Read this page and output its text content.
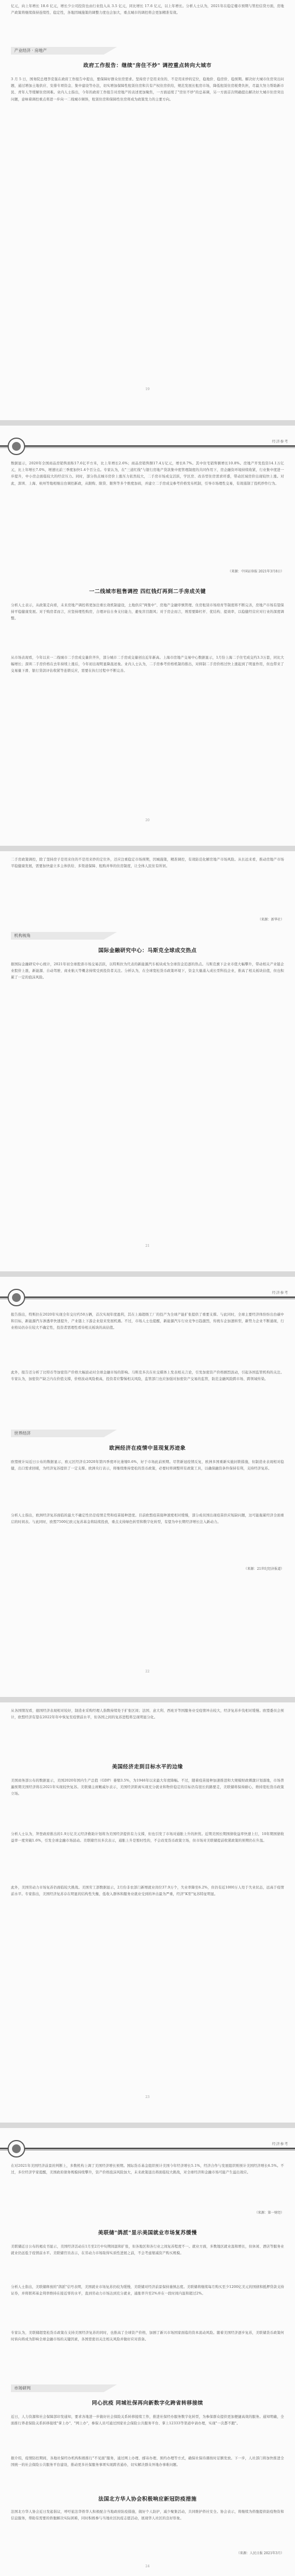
亿元，向上年增长 18.6 亿元，增长少公司投资也由行业投入从 3.5 亿元，同比增长 17.6 亿元，以上年增长。分析人士认为，2021年在稳定楼市预期与管控信贷方面，房地产政策将继续保持连续性、稳定性，各地因城施策的调整力度也会加大，重点城市的调控将会更加精准有效。
产业经济 · 房地产
政府工作报告：继续"房住不炒" 调控重点转向大城市
3 月 5 日，国务院总理李克强在政府工作报告中提出，要保障好群众住房需求。坚持房子是用来住的、不是用来炒的定位，稳地价、稳房价、稳预期。解决好大城市住房突出问题，通过增加土地供应、安排专项资金、集中建设等办法，切实增加保障性租赁住房和共有产权住房供给，规范发展长租房市场，降低租赁住房税费负担，尽最大努力帮助新市民、青年人等缓解住房困难。业内人士指出，今年的政府工作报告对房地产的表述更加聚焦，一方面延续了"房住不炒"的总基调，另一方面首次明确提出解决好大城市住房突出问题，意味着调控重点将进一步向一二线城市倾斜，租赁住房和保障性住房将成为政策发力的主要方向。
19
经济参考
数据显示，2020年全国商品房销售面积17.6亿平方米，比上年增长2.6%；商品房销售额17.4万亿元，增长8.7%。其中住宅销售额增长10.8%。房地产开发投资14.1万亿元，比上年增长7.0%，增速比前三季度加快1.4个百分点。专家认为，在"三道红线"与银行房地产贷款集中度管理制度的共同作用下，房企融资环境持续收紧，行业集中度进一步提升，中小房企面临较大的经营压力。同时，部分热点城市房价上涨压力依然较大，二手房市场成交活跃，学区房、改善型住房需求旺盛，带动区域房价出现较快上涨。对此，深圳、上海、杭州等地相继出台调控新政，从限购、限贷、限售等多个维度加码，并建立二手房成交参考价格发布机制，引导市场理性交易，有效遏制了投机炒作行为。
（来源：中国证券报 2021年3月8日）
一二线城市租售调控 四红钱灯再到二手房成关键
分析人士表示，从政策走向看，未来房地产调控将更加注重长效机制建设，土地供应"两集中"、房地产金融审慎管理、住房租赁市场培育等制度将不断完善，房地产市场有望保持平稳健康发展。对于购房者而言，应坚持理性购房，合理评估自身支付能力，避免盲目跟风；对于房企而言，则需要降杠杆、优结构、提效率，以稳健经营应对行业的深度调整。
从市场表现看，今年以来一二线城市二手房成交量价齐升，部分城市二手房成交量创出近年新高。上海市房地产交易中心数据显示，1月份上海二手住宅成交约3.3万套，同比大幅增长；深圳二手房价格在去年持续上涨后，今年初出现明显降温迹象。业内人士认为，二手房参考价格机制的推出，对抑制二手房价格过快上涨起到了明显作用，但也带来了交易量下滑、银行贷款评估收紧等连锁反应，需要在执行过程中不断完善。
20
二手房政策调控，除了坚持房子是用来住的不是用来炒的定位外，还应注重稳定市场预期，因城施策，精准调控，有效防范化解房地产市场风险。从长远来看，推动房地产市场平稳健康发展，需要加快建立多主体供给、多渠道保障、租购并举的住房制度，让全体人民住有所居。
（来源：新华社）
机构视角
国际金融研究中心：马斯克全球成交热点
据国际金融研究中心统计，2021年初全球股票市场交易活跃，以特斯拉为代表的新能源汽车板块成为全球资金追逐的热点。马斯克旗下企业市值大幅攀升，带动相关产业链企业股价上涨，新能源、自动驾驶、商业航天等概念持续受到投资者关注。分析认为，在全球宽松货币政策环境下，资金大量涌入成长型科技企业，推高了相关板块估值，但也积累了一定的泡沫风险。
21
经济参考
报告指出，特斯拉在2020年实现全年交付约50万辆，首次实现年度盈利，其在上海超级工厂的投产为全球产能扩张提供了重要支撑。与此同时，全球主要经济体纷纷出台碳中和目标，新能源汽车渗透率快速提升，产业链上下游企业迎来发展机遇。不过，市场人士也提醒，新能源汽车行业竞争日趋激烈，传统车企加速转型，新势力企业不断涌现，行业格局仍存在较大不确定性，投资者需理性看待相关板块的高估值。
此外，报告还分析了比特币等加密资产价格大幅波动对全球金融市场的影响。马斯克多次在社交媒体上发表相关言论，引发加密资产价格剧烈波动，引起各国监管机构的关注。专家认为，加密资产缺乏内在价值支撑，价格波动风险极高，投资者应警惕相关风险，监管部门也应加强对加密资产交易的监管，防范金融风险跨市场、跨领域传染。
世界经济
欧洲经济在疫情中显现复苏迹象
欧盟统计局近日公布的数据显示，欧元区经济在2020年第四季度环比萎缩0.6%，好于市场此前预期。尽管新冠疫情反复，欧洲多国重新实施封锁措施，但制造业表现相对稳健，出口需求回暖，为经济复苏提供了一定支撑。欧洲央行表示，将继续维持宽松的货币政策，必要时将调整所有政策工具，以确保融资条件保持有利，支持经济复苏。
分析人士指出，欧洲经济复苏面临的最大不确定性仍是疫情走势和疫苗接种进度。目前欧盟疫苗接种速度相对缓慢，部分成员国出现疫苗供应短缺问题，这可能拖累经济全面重启的时间表。与此同时，欧盟7500亿欧元复苏基金将陆续投放，重点支持绿色转型和数字化转型，有望为中长期经济增长注入新动力。
（来源：21世纪经济报道）
22
从各国情况看，德国经济表现相对较好，制造业采购经理人指数持续处于扩张区间；法国、意大利、西班牙等国服务业受疫情冲击较大，经济复苏步伐相对缓慢。欧盟委员会预计，欧盟经济有望在2022年年中恢复至疫情前水平，但各国之间的复苏进程将呈现明显分化。
美国经济走到目标水平的边缘
美国商务部公布的数据显示，美国2020年国内生产总值（GDP）萎缩3.5%，为1946年以来最大年度降幅。不过，随着疫苗接种加速推进和大规模财政刺激计划落地，市场普遍预期美国经济将在2021年实现较快复苏。美联储主席鲍威尔表示，美国经济距离实现充分就业和物价稳定的目标仍有很长的路要走，美联储将保持耐心，维持宽松货币政策立场。
分析人士认为，拜登政府推出的1.9万亿美元经济救助计划将为美国经济提供有力支撑，但也引发了市场对通胀上升的担忧。近期美国长期国债收益率快速上行，10年期国债收益率一度突破1.6%，引发全球金融市场波动。美联储官员多次表示，通胀上升是暂时性的，不会改变货币政策立场，但市场对美联储提前收紧政策的预期仍在升温。
此外，美国劳动力市场复苏仍面临较大挑战。美国劳工部数据显示，2月份非农部门新增就业岗位37.9万个，失业率降至6.2%，但仍有近1000万人处于失业状态，远高于疫情前水平。专家指出，美国经济复苏存在明显的结构性失衡，低收入群体和服务业就业受到的冲击最为严重，经济"K型"复苏特征明显。
23
经济参考
在对2021年美国经济前景的判断上，多数机构上调了美国经济增长预期。国际货币基金组织预计美国今年经济增长5.1%，经济合作与发展组织则预计美国经济增长6.5%。不过，多位经济学家提醒，美国政府债务规模持续攀升，资产价格泡沫风险加大，未来政策退出将面临较大挑战，对全球经济和金融市场可能产生溢出效应。
（来源：第一财经）
美联储"鸽派"显示美国就业市场复苏缓慢
美联储近日公布的褐皮书显示，美国经济活动在1月至2月中旬期间温和扩张，但各地区和各行业之间复苏程度不一。就业方面，多数地区就业温和增长，但休闲、酒店等服务业就业仍远低于疫情前水平。美联储官员表示，在劳动力市场取得实质性进展之前，不会考虑缩减资产购买规模。
分析人士指出，美联储释放的"鸽派"信号表明，美国就业市场复苏仍较为缓慢，美联储对经济前景保持谨慎态度。美联储将继续每月购买至少1200亿美元的国债和抵押贷款支持证券，并将联邦基金利率维持在接近零的水平，直到劳动力市场达到充分就业，通胀率升至2%并在一段时间内温和超过2%。
专家认为，美联储超宽松货币政策在支持美国经济复苏的同时，也推高了全球资产价格，加剧了新兴市场国家面临的资本流动风险。随着美国经济逐步复苏，美联储货币政策何时转向将成为影响全球金融市场的关键因素，各国需密切关注相关风险并做好应对准备。
市场研判
同心抗疫 同城社保再向新数字化跨省转移接续
近日，人力资源和社会保障部印发通知，要求各地进一步做好社会保险关系转移接续工作，推进社保经办服务数字化转型，为参保群众提供更加便捷高效的服务。通知明确，全面推行养老保险关系转移接续"掌上办"、"网上办"，参保人员可通过国家社会保险公共服务平台、掌上12333等渠道申请办理，实现"一次都不跑"。
据介绍，疫情防控期间，各地社保经办机构积极推行"不见面"服务，通过网上办理、邮寄办理、预约办理等方式，确保社保待遇按时足额发放。下一步，人社部门将加快推进全国统一的社会保险公共服务平台建设，推动更多社保服务事项实现跨省通办，切实解决群众异地办事难问题。
法国北方华人协会积极响应新冠防疫措施
法国北方华人协会近日发起倡议，呼吁旅法华侨华人积极配合当地政府防疫措施，做好个人防护，减少聚集活动，共同维护侨社安全。协会表示，将继续为侨胞提供防疫物资和信息服务，帮助有需要的侨胞解决实际困难，同时积极参与当地社区抗疫志愿活动，展现华人社区的良好形象。
（来源：人民日报 2021年3月）
24
